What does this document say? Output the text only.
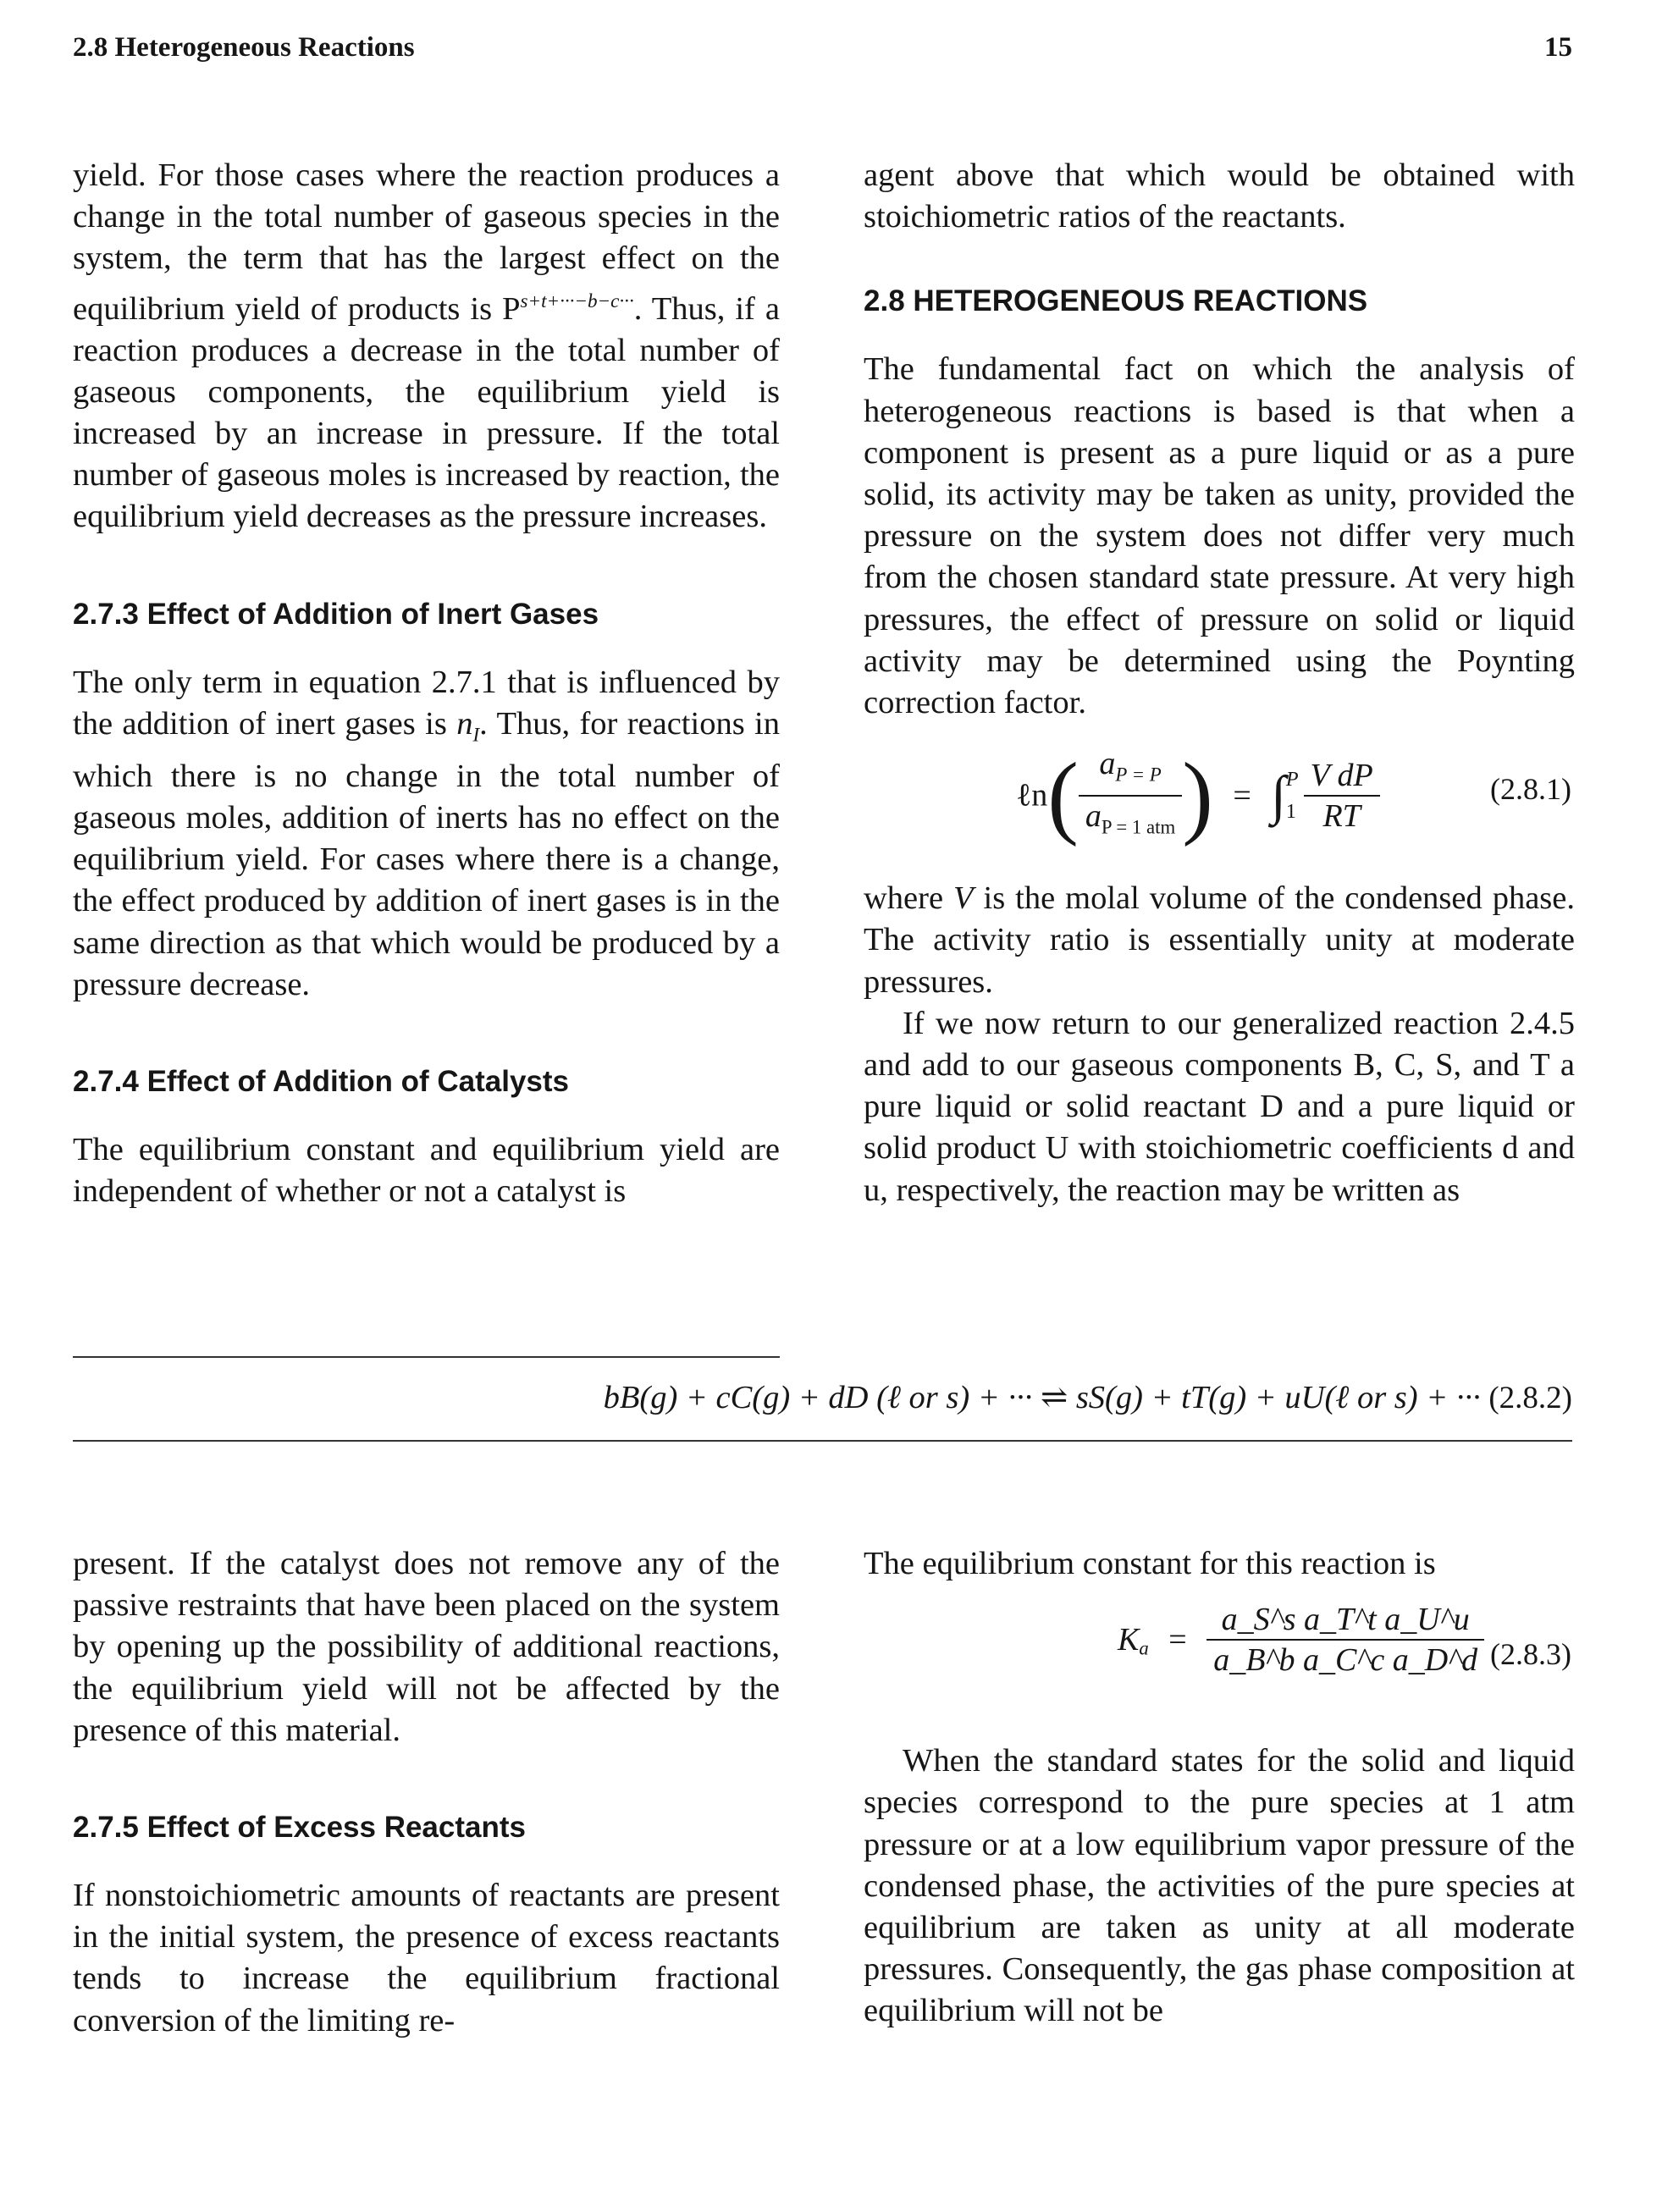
2.8 Heterogeneous Reactions	15

yield. For those cases where the reaction produces a change in the total number of gaseous species in the system, the term that has the largest effect on the equilibrium yield of products is $P^{s+t+\cdot\cdot\cdot-b-c\cdot\cdot\cdot}$. Thus, if a reaction produces a decrease in the total number of gaseous components, the equilibrium yield is increased by an increase in pressure. If the total number of gaseous moles is increased by reaction, the equilibrium yield decreases as the pressure increases.

2.7.3 Effect of Addition of Inert Gases

The only term in equation 2.7.1 that is influenced by the addition of inert gases is $n_I$. Thus, for reactions in which there is no change in the total number of gaseous moles, addition of inerts has no effect on the equilibrium yield. For cases where there is a change, the effect produced by addition of inert gases is in the same direction as that which would be produced by a pressure decrease.

2.7.4 Effect of Addition of Catalysts

The equilibrium constant and equilibrium yield are independent of whether or not a catalyst is

agent above that which would be obtained with stoichiometric ratios of the reactants.

2.8 HETEROGENEOUS REACTIONS

The fundamental fact on which the analysis of heterogeneous reactions is based is that when a component is present as a pure liquid or as a pure solid, its activity may be taken as unity, provided the pressure on the system does not differ very much from the chosen standard state pressure. At very high pressures, the effect of pressure on solid or liquid activity may be determined using the Poynting correction factor.

ℓn( $\frac{a_{P = P}}{a_{P = 1 atm}}$ ) = ∫ P
$1 \frac{\text{V dP}}{RT}$	(2.8.1)

where V is the molal volume of the condensed phase. The activity ratio is essentially unity at moderate pressures.

If we now return to our generalized reaction 2.4.5 and add to our gaseous components B, C, S, and T a pure liquid or solid reactant D and a pure liquid or solid product U with stoichiometric coefficients d and u, respectively, the reaction may be written as

bB(g) + cC(g) + dD (ℓ or s) + ··· ⇌ sS(g) + tT(g) + uU(ℓ or s) + ··· (2.8.2)

present. If the catalyst does not remove any of the passive restraints that have been placed on the system by opening up the possibility of additional reactions, the equilibrium yield will not be affected by the presence of this material.

2.7.5 Effect of Excess Reactants

If nonstoichiometric amounts of reactants are present in the initial system, the presence of excess reactants tends to increase the equilibrium fractional conversion of the limiting re-

The equilibrium constant for this reaction is

$K_a = \frac{\text{a\_S\textasciicircum{}s a\_T\textasciicircum{}t a\_U\textasciicircum{}u}}{\text{a\_B\textasciicircum{}b a\_C\textasciicircum{}c a\_D\textasciicircum{}d}} (2.8.3)$

When the standard states for the solid and liquid species correspond to the pure species at 1 atm pressure or at a low equilibrium vapor pressure of the condensed phase, the activities of the pure species at equilibrium are taken as unity at all moderate pressures. Consequently, the gas phase composition at equilibrium will not be
